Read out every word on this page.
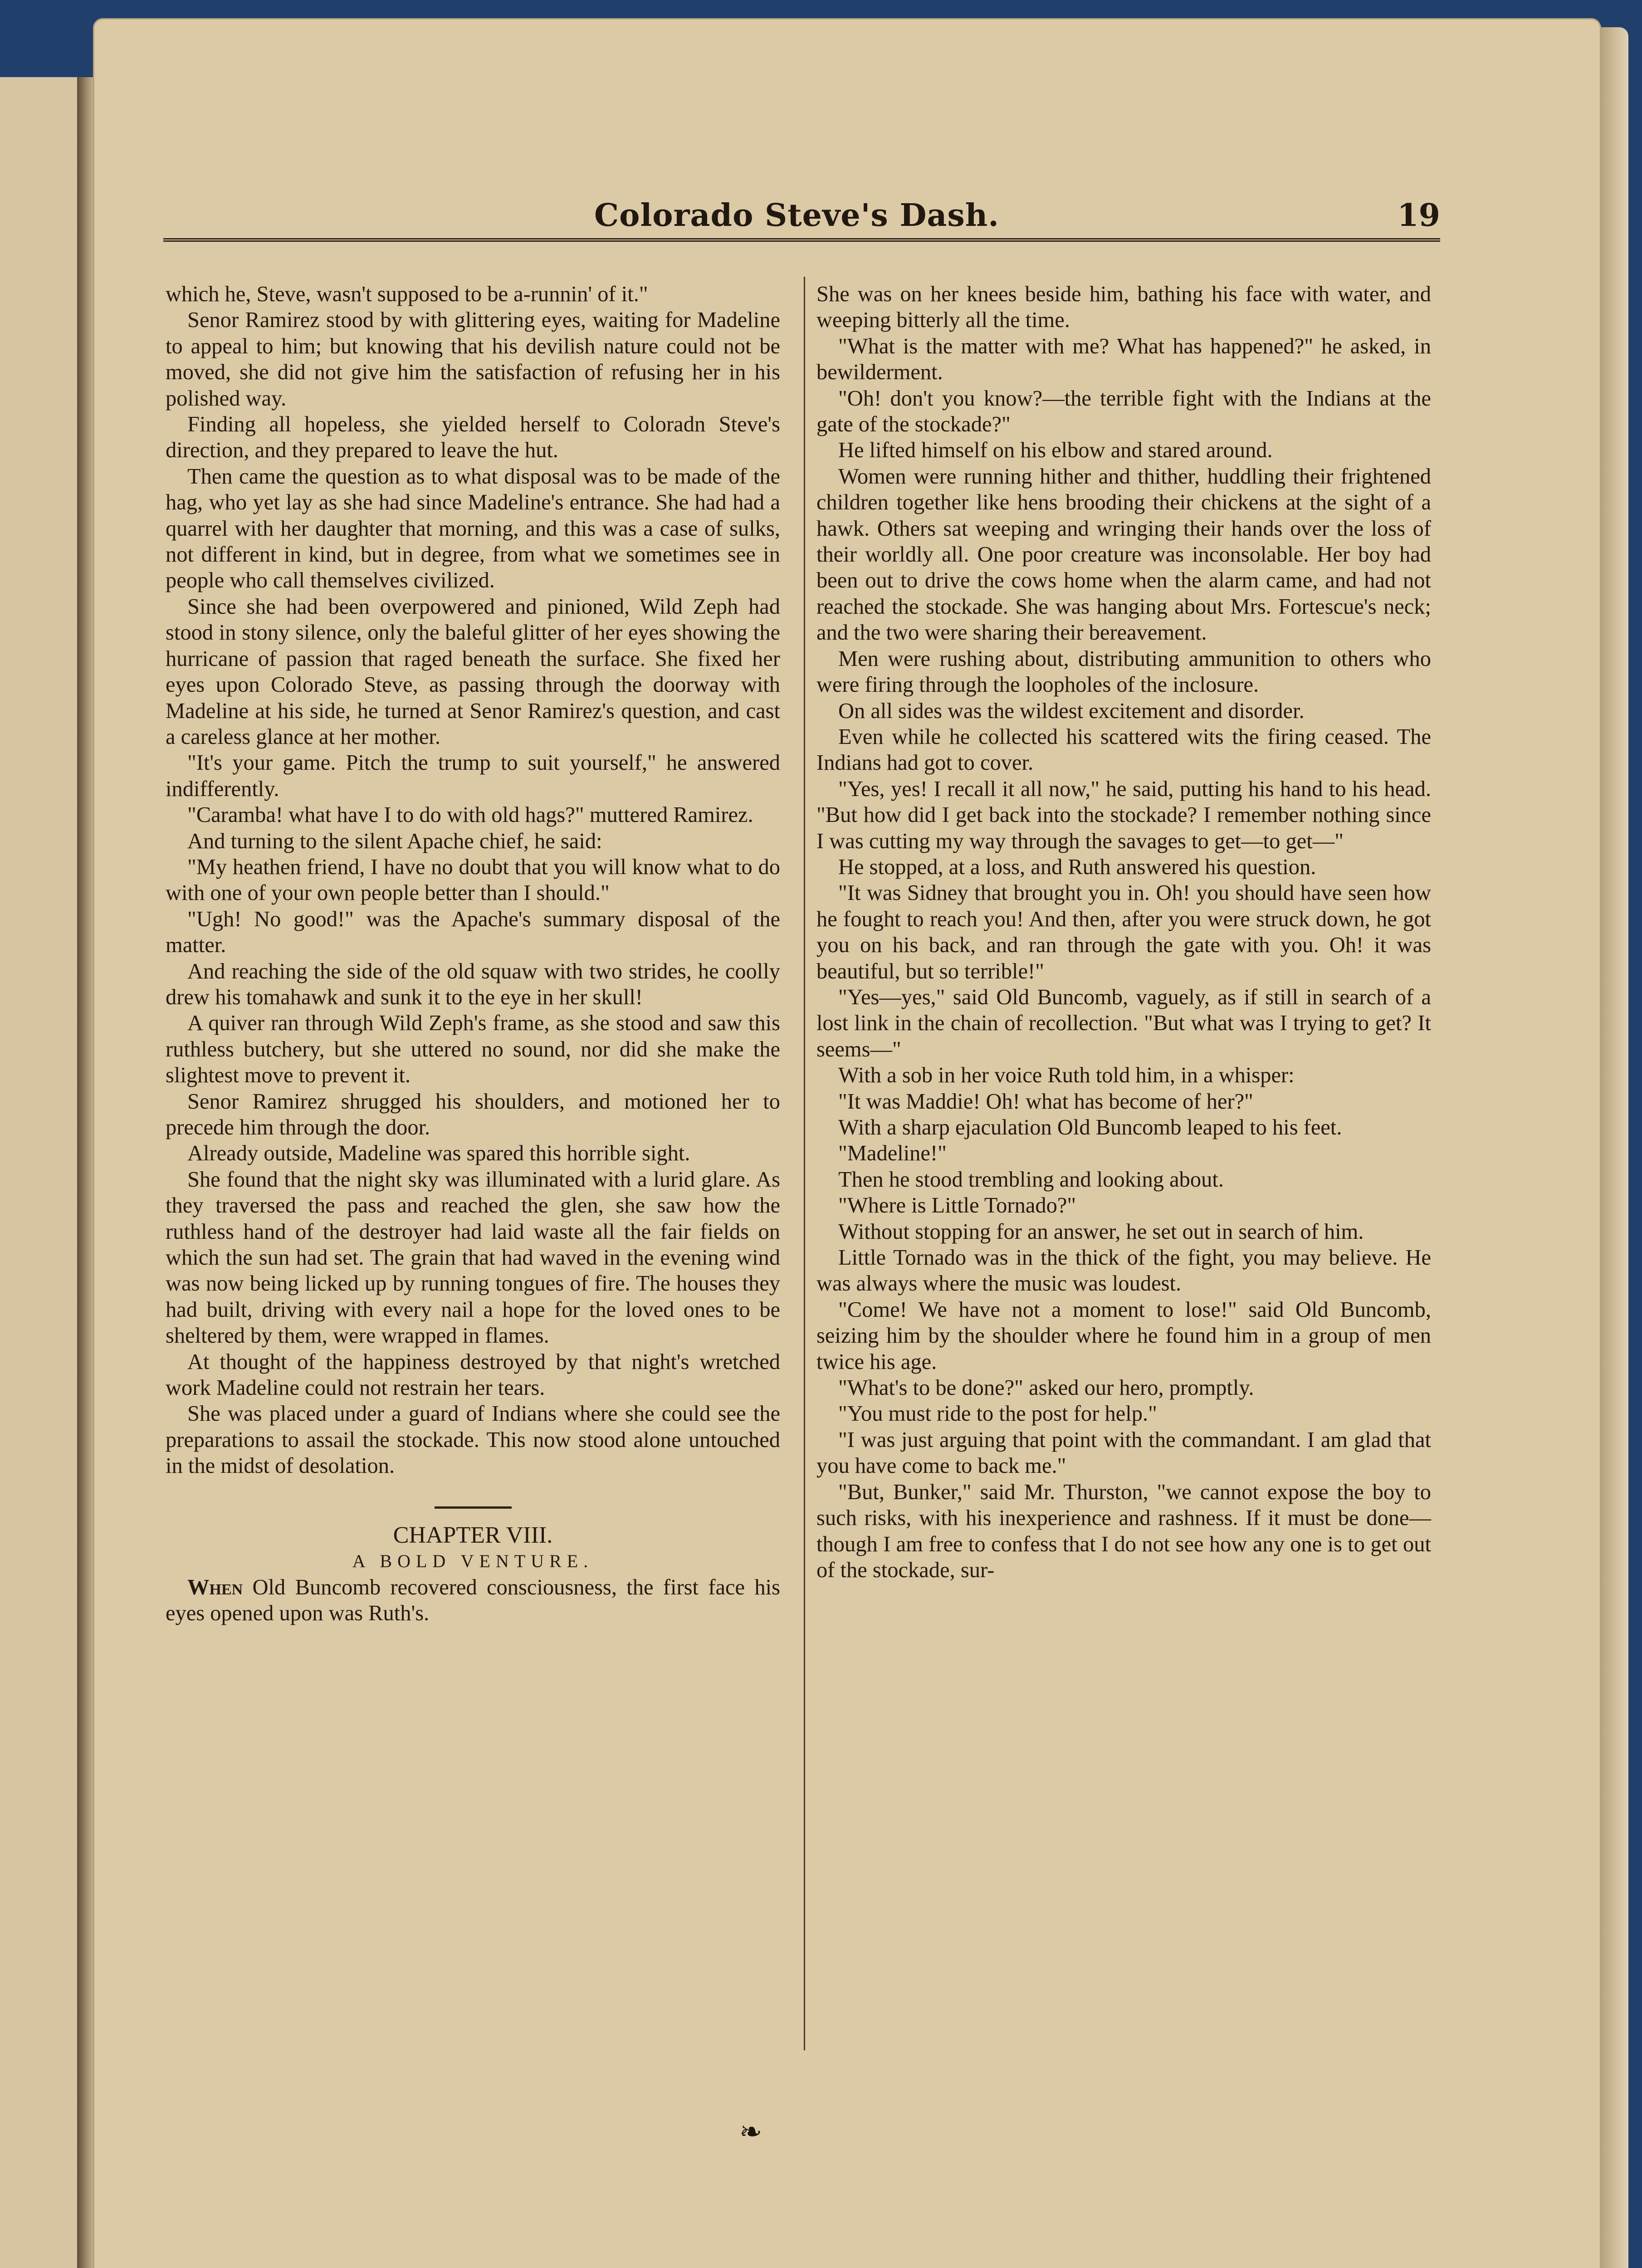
Colorado Steve's Dash.	19

which he, Steve, wasn't supposed to be a-runnin' of it."

Senor Ramirez stood by with glittering eyes, waiting for Madeline to appeal to him; but knowing that his devilish nature could not be moved, she did not give him the satisfaction of refusing her in his polished way.

Finding all hopeless, she yielded herself to Coloradn Steve's direction, and they prepared to leave the hut.

Then came the question as to what disposal was to be made of the hag, who yet lay as she had since Madeline's entrance. She had had a quarrel with her daughter that morning, and this was a case of sulks, not different in kind, but in degree, from what we sometimes see in people who call themselves civilized.

Since she had been overpowered and pinioned, Wild Zeph had stood in stony silence, only the baleful glitter of her eyes showing the hurricane of passion that raged beneath the surface. She fixed her eyes upon Colorado Steve, as passing through the doorway with Madeline at his side, he turned at Senor Ramirez's question, and cast a careless glance at her mother.

"It's your game. Pitch the trump to suit yourself," he answered indifferently.

"Caramba! what have I to do with old hags?" muttered Ramirez.

And turning to the silent Apache chief, he said:

"My heathen friend, I have no doubt that you will know what to do with one of your own people better than I should."

"Ugh! No good!" was the Apache's summary disposal of the matter.

And reaching the side of the old squaw with two strides, he coolly drew his tomahawk and sunk it to the eye in her skull!

A quiver ran through Wild Zeph's frame, as she stood and saw this ruthless butchery, but she uttered no sound, nor did she make the slightest move to prevent it.

Senor Ramirez shrugged his shoulders, and motioned her to precede him through the door.

Already outside, Madeline was spared this horrible sight.

She found that the night sky was illuminated with a lurid glare. As they traversed the pass and reached the glen, she saw how the ruthless hand of the destroyer had laid waste all the fair fields on which the sun had set. The grain that had waved in the evening wind was now being licked up by running tongues of fire. The houses they had built, driving with every nail a hope for the loved ones to be sheltered by them, were wrapped in flames.

At thought of the happiness destroyed by that night's wretched work Madeline could not restrain her tears.

She was placed under a guard of Indians where she could see the preparations to assail the stockade. This now stood alone untouched in the midst of desolation.

CHAPTER VIII.

A BOLD VENTURE.

When Old Buncomb recovered consciousness, the first face his eyes opened upon was Ruth's.

She was on her knees beside him, bathing his face with water, and weeping bitterly all the time.

"What is the matter with me? What has happened?" he asked, in bewilderment.

"Oh! don't you know?—the terrible fight with the Indians at the gate of the stockade?"

He lifted himself on his elbow and stared around.

Women were running hither and thither, huddling their frightened children together like hens brooding their chickens at the sight of a hawk. Others sat weeping and wringing their hands over the loss of their worldly all. One poor creature was inconsolable. Her boy had been out to drive the cows home when the alarm came, and had not reached the stockade. She was hanging about Mrs. Fortescue's neck; and the two were sharing their bereavement.

Men were rushing about, distributing ammunition to others who were firing through the loopholes of the inclosure.

On all sides was the wildest excitement and disorder.

Even while he collected his scattered wits the firing ceased. The Indians had got to cover.

"Yes, yes! I recall it all now," he said, putting his hand to his head. "But how did I get back into the stockade? I remember nothing since I was cutting my way through the savages to get—to get—"

He stopped, at a loss, and Ruth answered his question.

"It was Sidney that brought you in. Oh! you should have seen how he fought to reach you! And then, after you were struck down, he got you on his back, and ran through the gate with you. Oh! it was beautiful, but so terrible!"

"Yes—yes," said Old Buncomb, vaguely, as if still in search of a lost link in the chain of recollection. "But what was I trying to get? It seems—"

With a sob in her voice Ruth told him, in a whisper:

"It was Maddie! Oh! what has become of her?"

With a sharp ejaculation Old Buncomb leaped to his feet.

"Madeline!"

Then he stood trembling and looking about.

"Where is Little Tornado?"

Without stopping for an answer, he set out in search of him.

Little Tornado was in the thick of the fight, you may believe. He was always where the music was loudest.

"Come! We have not a moment to lose!" said Old Buncomb, seizing him by the shoulder where he found him in a group of men twice his age.

"What's to be done?" asked our hero, promptly.

"You must ride to the post for help."

"I was just arguing that point with the commandant. I am glad that you have come to back me."

"But, Bunker," said Mr. Thurston, "we cannot expose the boy to such risks, with his inexperience and rashness. If it must be done—though I am free to confess that I do not see how any one is to get out of the stockade, sur-

❧
